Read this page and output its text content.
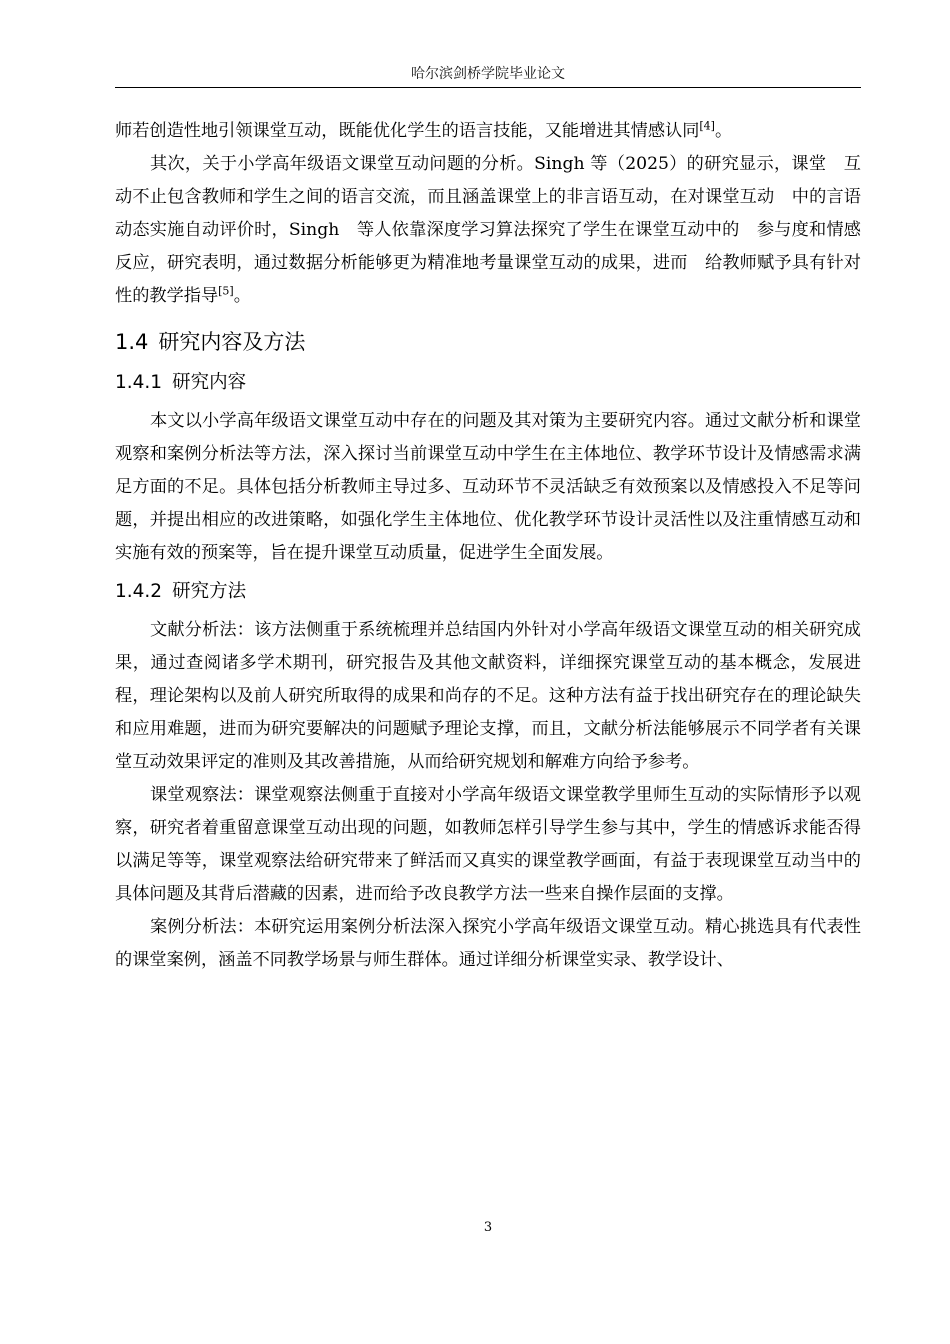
哈尔滨剑桥学院毕业论文

师若创造性地引领课堂互动，既能优化学生的语言技能，又能增进其情感认同[4]。

其次，关于小学高年级语文课堂互动问题的分析。Singh 等（2025）的研究显示，课堂　互动不止包含教师和学生之间的语言交流，而且涵盖课堂上的非言语互动，在对课堂互动　中的言语动态实施自动评价时，Singh　等人依靠深度学习算法探究了学生在课堂互动中的　参与度和情感反应，研究表明，通过数据分析能够更为精准地考量课堂互动的成果，进而　给教师赋予具有针对性的教学指导[5]。

1.4 研究内容及方法
1.4.1 研究内容

本文以小学高年级语文课堂互动中存在的问题及其对策为主要研究内容。通过文献分析和课堂观察和案例分析法等方法，深入探讨当前课堂互动中学生在主体地位、教学环节设计及情感需求满足方面的不足。具体包括分析教师主导过多、互动环节不灵活缺乏有效预案以及情感投入不足等问题，并提出相应的改进策略，如强化学生主体地位、优化教学环节设计灵活性以及注重情感互动和实施有效的预案等，旨在提升课堂互动质量，促进学生全面发展。

1.4.2 研究方法

文献分析法：该方法侧重于系统梳理并总结国内外针对小学高年级语文课堂互动的相关研究成果，通过查阅诸多学术期刊，研究报告及其他文献资料，详细探究课堂互动的基本概念，发展进程，理论架构以及前人研究所取得的成果和尚存的不足。这种方法有益于找出研究存在的理论缺失和应用难题，进而为研究要解决的问题赋予理论支撑，而且，文献分析法能够展示不同学者有关课堂互动效果评定的准则及其改善措施，从而给研究规划和解难方向给予参考。

课堂观察法：课堂观察法侧重于直接对小学高年级语文课堂教学里师生互动的实际情形予以观察，研究者着重留意课堂互动出现的问题，如教师怎样引导学生参与其中，学生的情感诉求能否得以满足等等，课堂观察法给研究带来了鲜活而又真实的课堂教学画面，有益于表现课堂互动当中的具体问题及其背后潜藏的因素，进而给予改良教学方法一些来自操作层面的支撑。

案例分析法：本研究运用案例分析法深入探究小学高年级语文课堂互动。精心挑选具有代表性的课堂案例，涵盖不同教学场景与师生群体。通过详细分析课堂实录、教学设计、

3
